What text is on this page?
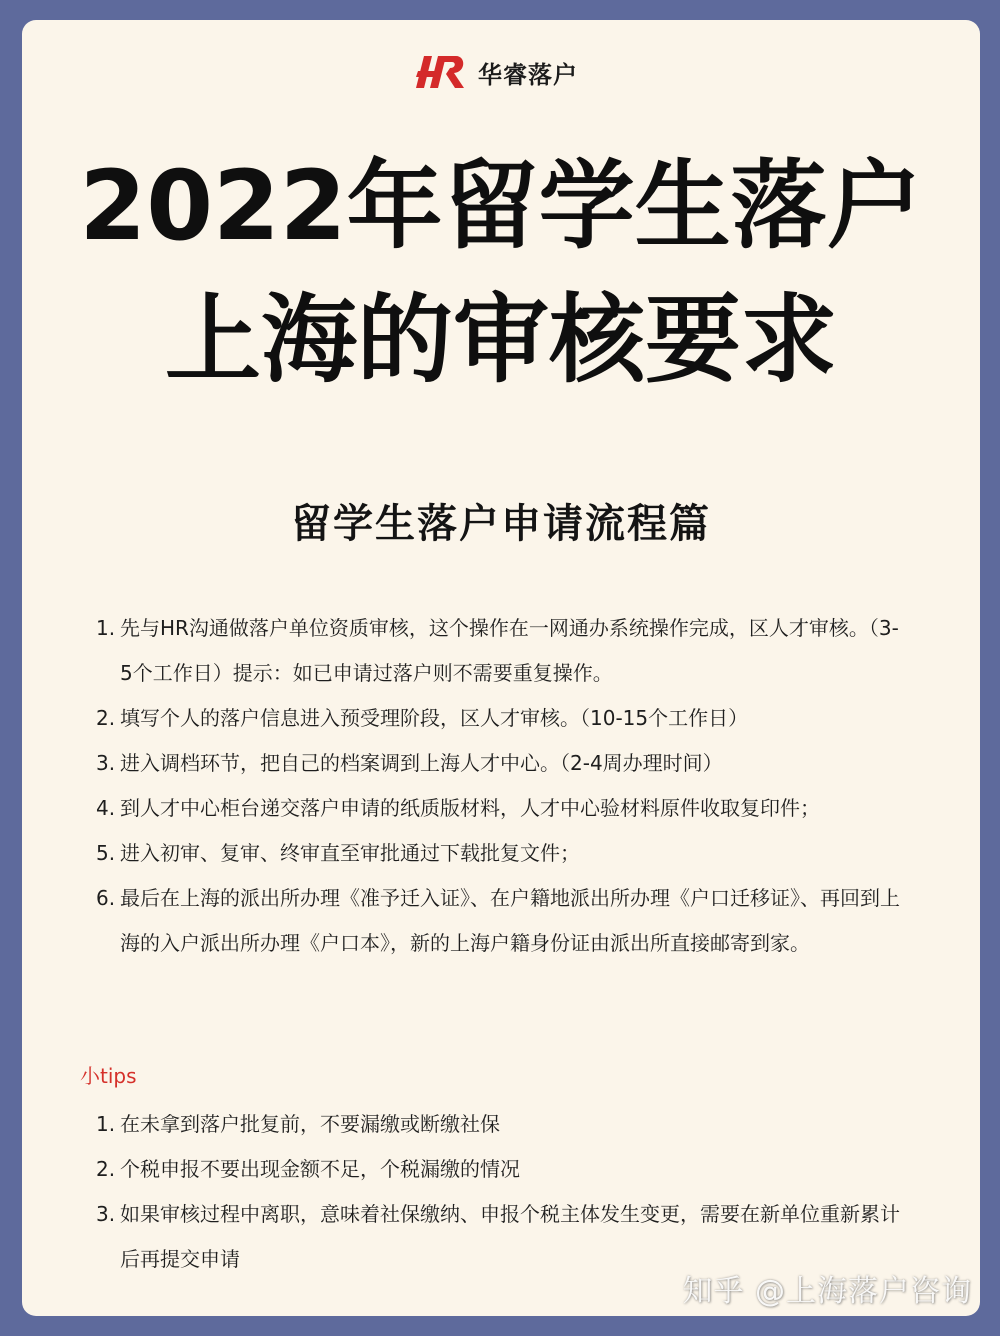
华睿落户
2022年留学生落户
上海的审核要求
留学生落户申请流程篇
1. 先与HR沟通做落户单位资质审核，这个操作在一网通办系统操作完成，区人才审核。（3-5个工作日）提示：如已申请过落户则不需要重复操作。
2. 填写个人的落户信息进入预受理阶段，区人才审核。（10-15个工作日）
3. 进入调档环节，把自己的档案调到上海人才中心。（2-4周办理时间）
4. 到人才中心柜台递交落户申请的纸质版材料，人才中心验材料原件收取复印件；
5. 进入初审、复审、终审直至审批通过下载批复文件；
6. 最后在上海的派出所办理《准予迁入证》、在户籍地派出所办理《户口迁移证》、再回到上海的入户派出所办理《户口本》，新的上海户籍身份证由派出所直接邮寄到家。
小tips
1. 在未拿到落户批复前，不要漏缴或断缴社保
2. 个税申报不要出现金额不足，个税漏缴的情况
3. 如果审核过程中离职，意味着社保缴纳、申报个税主体发生变更，需要在新单位重新累计后再提交申请
知乎 @上海落户咨询
